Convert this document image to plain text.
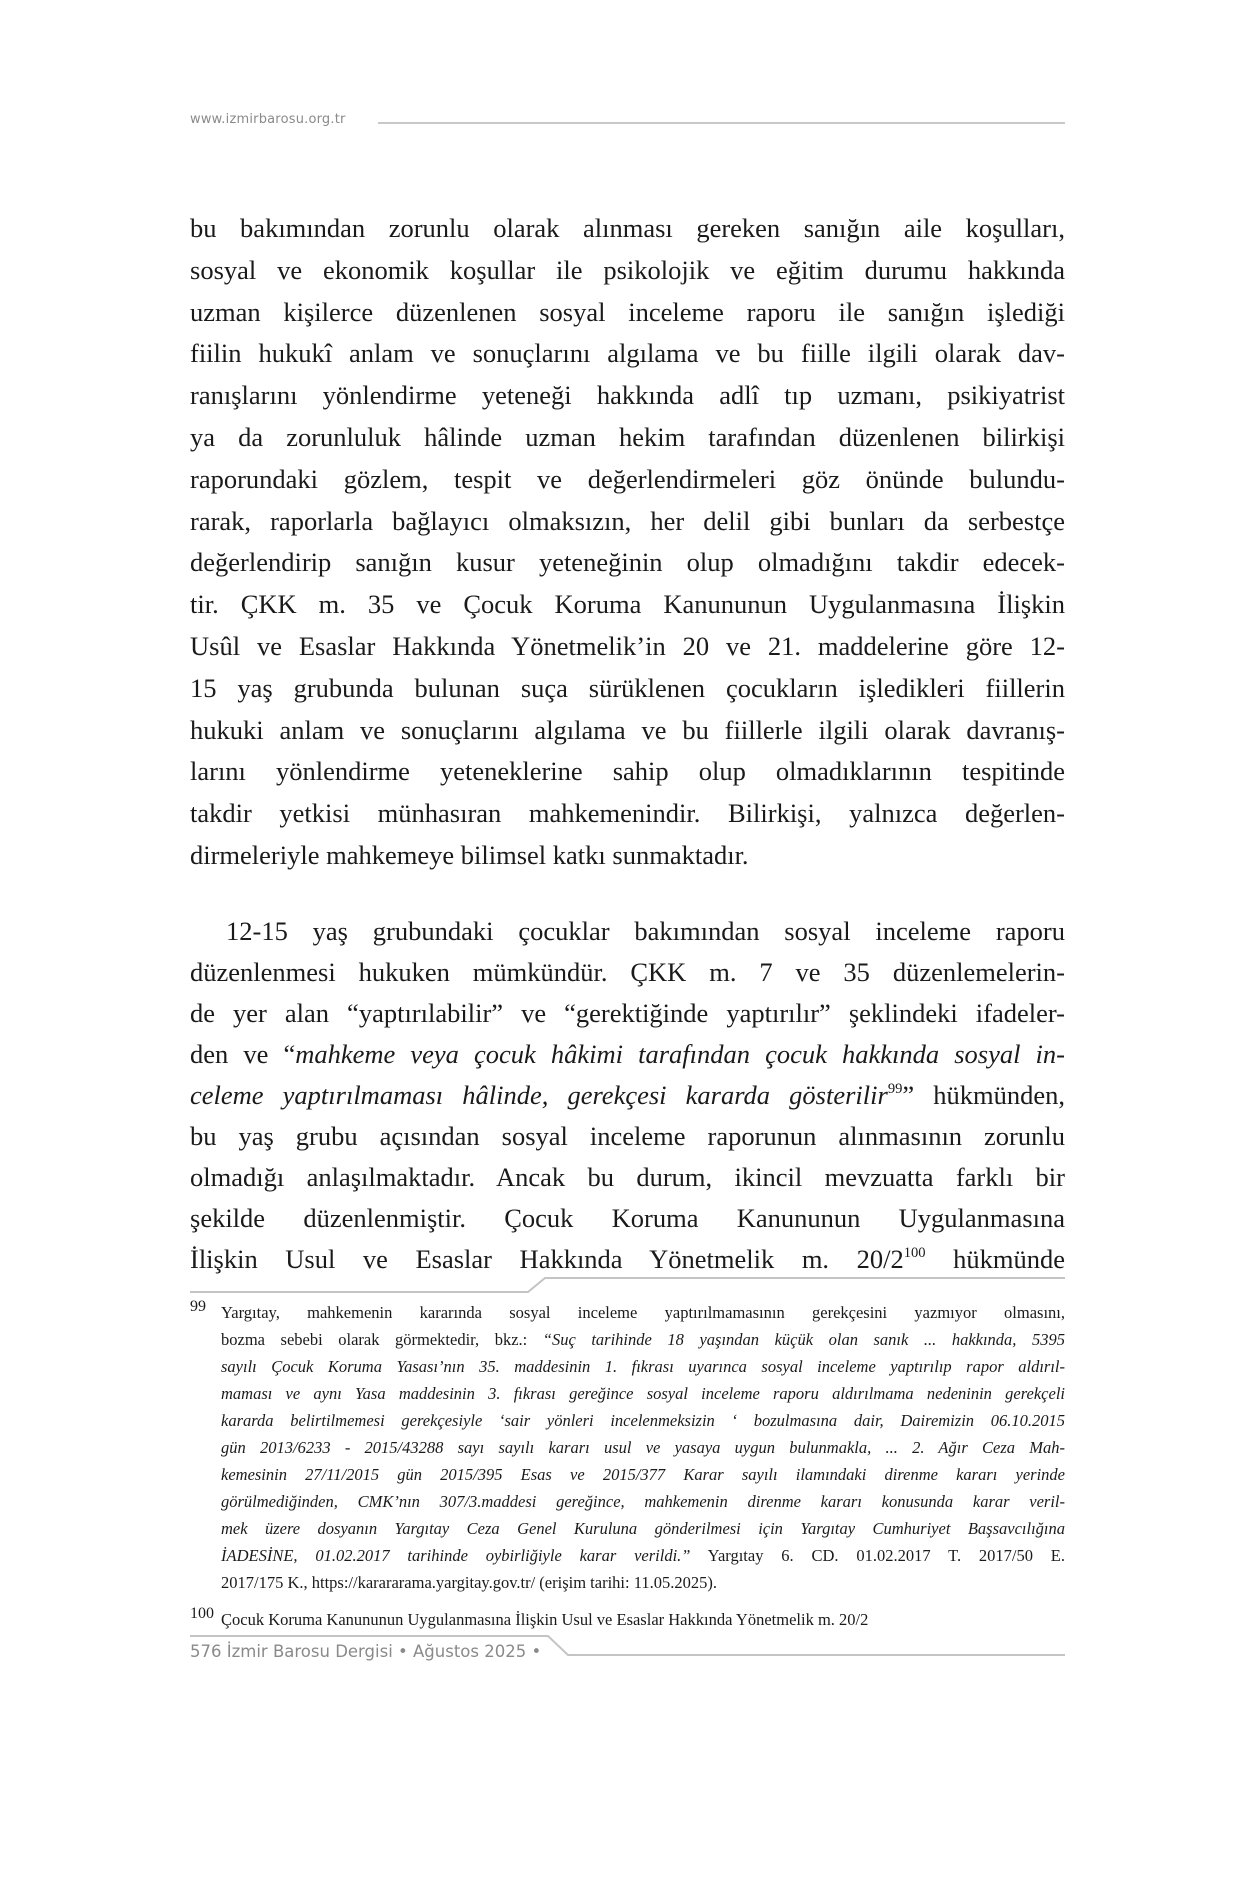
www.izmirbarosu.org.tr
bu bakımından zorunlu olarak alınması gereken sanığın aile koşulları,
sosyal ve ekonomik koşullar ile psikolojik ve eğitim durumu hakkında
uzman kişilerce düzenlenen sosyal inceleme raporu ile sanığın işlediği
fiilin hukukî anlam ve sonuçlarını algılama ve bu fiille ilgili olarak dav-
ranışlarını yönlendirme yeteneği hakkında adlî tıp uzmanı, psikiyatrist
ya da zorunluluk hâlinde uzman hekim tarafından düzenlenen bilirkişi
raporundaki gözlem, tespit ve değerlendirmeleri göz önünde bulundu-
rarak, raporlarla bağlayıcı olmaksızın, her delil gibi bunları da serbestçe
değerlendirip sanığın kusur yeteneğinin olup olmadığını takdir edecek-
tir. ÇKK m. 35 ve Çocuk Koruma Kanununun Uygulanmasına İlişkin
Usûl ve Esaslar Hakkında Yönetmelik’in 20 ve 21. maddelerine göre 12-
15 yaş grubunda bulunan suça sürüklenen çocukların işledikleri fiillerin
hukuki anlam ve sonuçlarını algılama ve bu fiillerle ilgili olarak davranış-
larını yönlendirme yeteneklerine sahip olup olmadıklarının tespitinde
takdir yetkisi münhasıran mahkemenindir. Bilirkişi, yalnızca değerlen-
dirmeleriyle mahkemeye bilimsel katkı sunmaktadır.
12-15 yaş grubundaki çocuklar bakımından sosyal inceleme raporu
düzenlenmesi hukuken mümkündür. ÇKK m. 7 ve 35 düzenlemelerin-
de yer alan “yaptırılabilir” ve “gerektiğinde yaptırılır” şeklindeki ifadeler-
den ve “mahkeme veya çocuk hâkimi tarafından çocuk hakkında sosyal in-
celeme yaptırılmaması hâlinde, gerekçesi kararda gösterilir$^{99}$” hükmünden,
bu yaş grubu açısından sosyal inceleme raporunun alınmasının zorunlu
olmadığı anlaşılmaktadır. Ancak bu durum, ikincil mevzuatta farklı bir
şekilde düzenlenmiştir. Çocuk Koruma Kanununun Uygulanmasına
İlişkin Usul ve Esaslar Hakkında Yönetmelik m. $20/2^{100}$ hükmünde
99 Yargıtay, mahkemenin kararında sosyal inceleme yaptırılmamasının gerekçesini yazmıyor olmasını,
bozma sebebi olarak görmektedir, bkz.: “Suç tarihinde 18 yaşından küçük olan sanık ... hakkında, 5395
sayılı Çocuk Koruma Yasası’nın 35. maddesinin 1. fıkrası uyarınca sosyal inceleme yaptırılıp rapor aldırıl-
maması ve aynı Yasa maddesinin 3. fıkrası gereğince sosyal inceleme raporu aldırılmama nedeninin gerekçeli
kararda belirtilmemesi gerekçesiyle ‘sair yönleri incelenmeksizin ‘ bozulmasına dair, Dairemizin 06.10.2015
gün 2013/6233 - 2015/43288 sayı sayılı kararı usul ve yasaya uygun bulunmakla, ... 2. Ağır Ceza Mah-
kemesinin 27/11/2015 gün 2015/395 Esas ve 2015/377 Karar sayılı ilamındaki direnme kararı yerinde
görülmediğinden, CMK’nın 307/3.maddesi gereğince, mahkemenin direnme kararı konusunda karar veril-
mek üzere dosyanın Yargıtay Ceza Genel Kuruluna gönderilmesi için Yargıtay Cumhuriyet Başsavcılığına
İADESİNE, 01.02.2017 tarihinde oybirliğiyle karar verildi.” Yargıtay 6. CD. 01.02.2017 T. 2017/50 E.
2017/175 K., https://karararama.yargitay.gov.tr/ (erişim tarihi: 11.05.2025).
100 Çocuk Koruma Kanununun Uygulanmasına İlişkin Usul ve Esaslar Hakkında Yönetmelik m. 20/2
576 İzmir Barosu Dergisi • Ağustos 2025 •
